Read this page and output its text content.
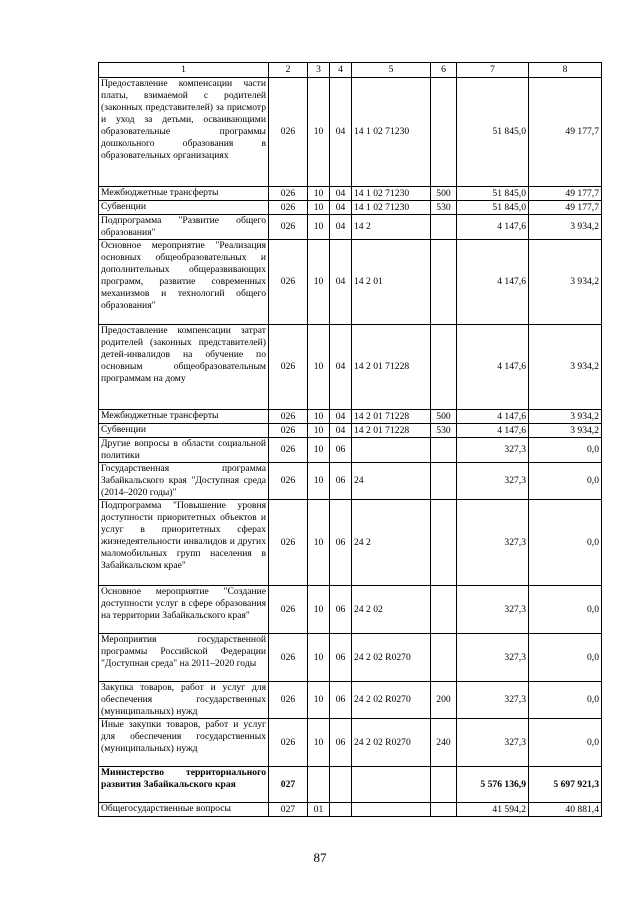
1	2	3	4	5	6	7	8
Предоставление компенсации части платы, взимаемой с родителей (законных представителей) за присмотр и уход за детьми, осваивающими образовательные программы дошкольного образования в образовательных организациях	026	10	04	14 1 02 71230		51 845,0	49 177,7
Межбюджетные трансферты	026	10	04	14 1 02 71230	500	51 845,0	49 177,7
Субвенции	026	10	04	14 1 02 71230	530	51 845,0	49 177,7
Подпрограмма "Развитие общего образования"	026	10	04	14 2		4 147,6	3 934,2
Основное мероприятие "Реализация основных общеобразовательных и дополнительных общеразвивающих программ, развитие современных механизмов и технологий общего образования"	026	10	04	14 2 01		4 147,6	3 934,2
Предоставление компенсации затрат родителей (законных представителей) детей-инвалидов на обучение по основным общеобразовательным программам на дому	026	10	04	14 2 01 71228		4 147,6	3 934,2
Межбюджетные трансферты	026	10	04	14 2 01 71228	500	4 147,6	3 934,2
Субвенции	026	10	04	14 2 01 71228	530	4 147,6	3 934,2
Другие вопросы в области социальной политики	026	10	06			327,3	0,0
Государственная программа Забайкальского края "Доступная среда (2014–2020 годы)"	026	10	06	24		327,3	0,0
Подпрограмма "Повышение уровня доступности приоритетных объектов и услуг в приоритетных сферах жизнедеятельности инвалидов и других маломобильных групп населения в Забайкальском крае"	026	10	06	24 2		327,3	0,0
Основное мероприятие "Создание доступности услуг в сфере образования на территории Забайкальского края"	026	10	06	24 2 02		327,3	0,0
Мероприятия государственной программы Российской Федерации "Доступная среда" на 2011–2020 годы	026	10	06	24 2 02 R0270		327,3	0,0
Закупка товаров, работ и услуг для обеспечения государственных (муниципальных) нужд	026	10	06	24 2 02 R0270	200	327,3	0,0
Иные закупки товаров, работ и услуг для обеспечения государственных (муниципальных) нужд	026	10	06	24 2 02 R0270	240	327,3	0,0
Министерство территориального развития Забайкальского края	027					5 576 136,9	5 697 921,3
Общегосударственные вопросы	027	01				41 594,2	40 881,4
87
